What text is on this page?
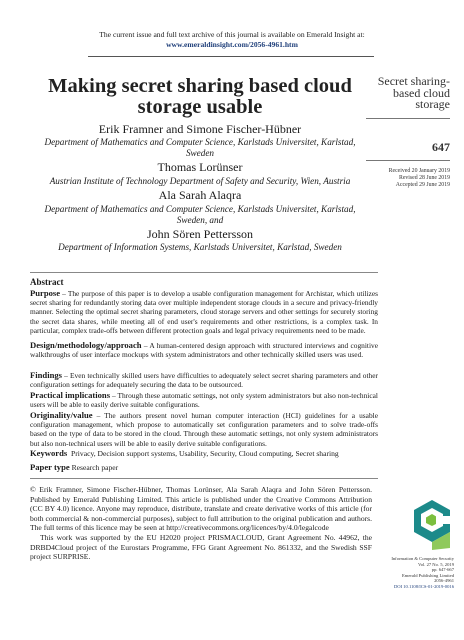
The current issue and full text archive of this journal is available on Emerald Insight at:
www.emeraldinsight.com/2056-4961.htm
Making secret sharing based cloud storage usable
Erik Framner and Simone Fischer-Hübner
Department of Mathematics and Computer Science, Karlstads Universitet, Karlstad, Sweden
Thomas Lorünser
Austrian Institute of Technology Department of Safety and Security, Wien, Austria
Ala Sarah Alaqra
Department of Mathematics and Computer Science, Karlstads Universitet, Karlstad, Sweden, and
John Sören Pettersson
Department of Information Systems, Karlstads Universitet, Karlstad, Sweden
Secret sharing-based cloud storage
647
Received 20 January 2019
Revised 28 June 2019
Accepted 29 June 2019
Abstract
Purpose – The purpose of this paper is to develop a usable configuration management for Archistar, which utilizes secret sharing for redundantly storing data over multiple independent storage clouds in a secure and privacy-friendly manner. Selecting the optimal secret sharing parameters, cloud storage servers and other settings for securely storing the secret data shares, while meeting all of end user's requirements and other restrictions, is a complex task. In particular, complex trade-offs between different protection goals and legal privacy requirements need to be made.
Design/methodology/approach – A human-centered design approach with structured interviews and cognitive walkthroughs of user interface mockups with system administrators and other technically skilled users was used.
Findings – Even technically skilled users have difficulties to adequately select secret sharing parameters and other configuration settings for adequately securing the data to be outsourced.
Practical implications – Through these automatic settings, not only system administrators but also non-technical users will be able to easily derive suitable configurations.
Originality/value – The authors present novel human computer interaction (HCI) guidelines for a usable configuration management, which propose to automatically set configuration parameters and to solve trade-offs based on the type of data to be stored in the cloud. Through these automatic settings, not only system administrators but also non-technical users will be able to easily derive suitable configurations.
Keywords Privacy, Decision support systems, Usability, Security, Cloud computing, Secret sharing
Paper type Research paper

© Erik Framner, Simone Fischer-Hübner, Thomas Lorünser, Ala Sarah Alaqra and John Sören Pettersson. Published by Emerald Publishing Limited. This article is published under the Creative Commons Attribution (CC BY 4.0) licence. Anyone may reproduce, distribute, translate and create derivative works of this article (for both commercial & non-commercial purposes), subject to full attribution to the original publication and authors. The full terms of this licence may be seen at http://creativecommons.org/licences/by/4.0/legalcode

This work was supported by the EU H2020 project PRISMACLOUD, Grant Agreement No. 44962, the DRBD4Cloud project of the Eurostars Programme, FFG Grant Agreement No. 861332, and the Swedish SSF project SURPRISE.	Information & Computer Security
Vol. 27 No. 5, 2019
pp. 647-667
Emerald Publishing Limited
2056-4961
DOI 10.1108/ICS-01-2019-0016
